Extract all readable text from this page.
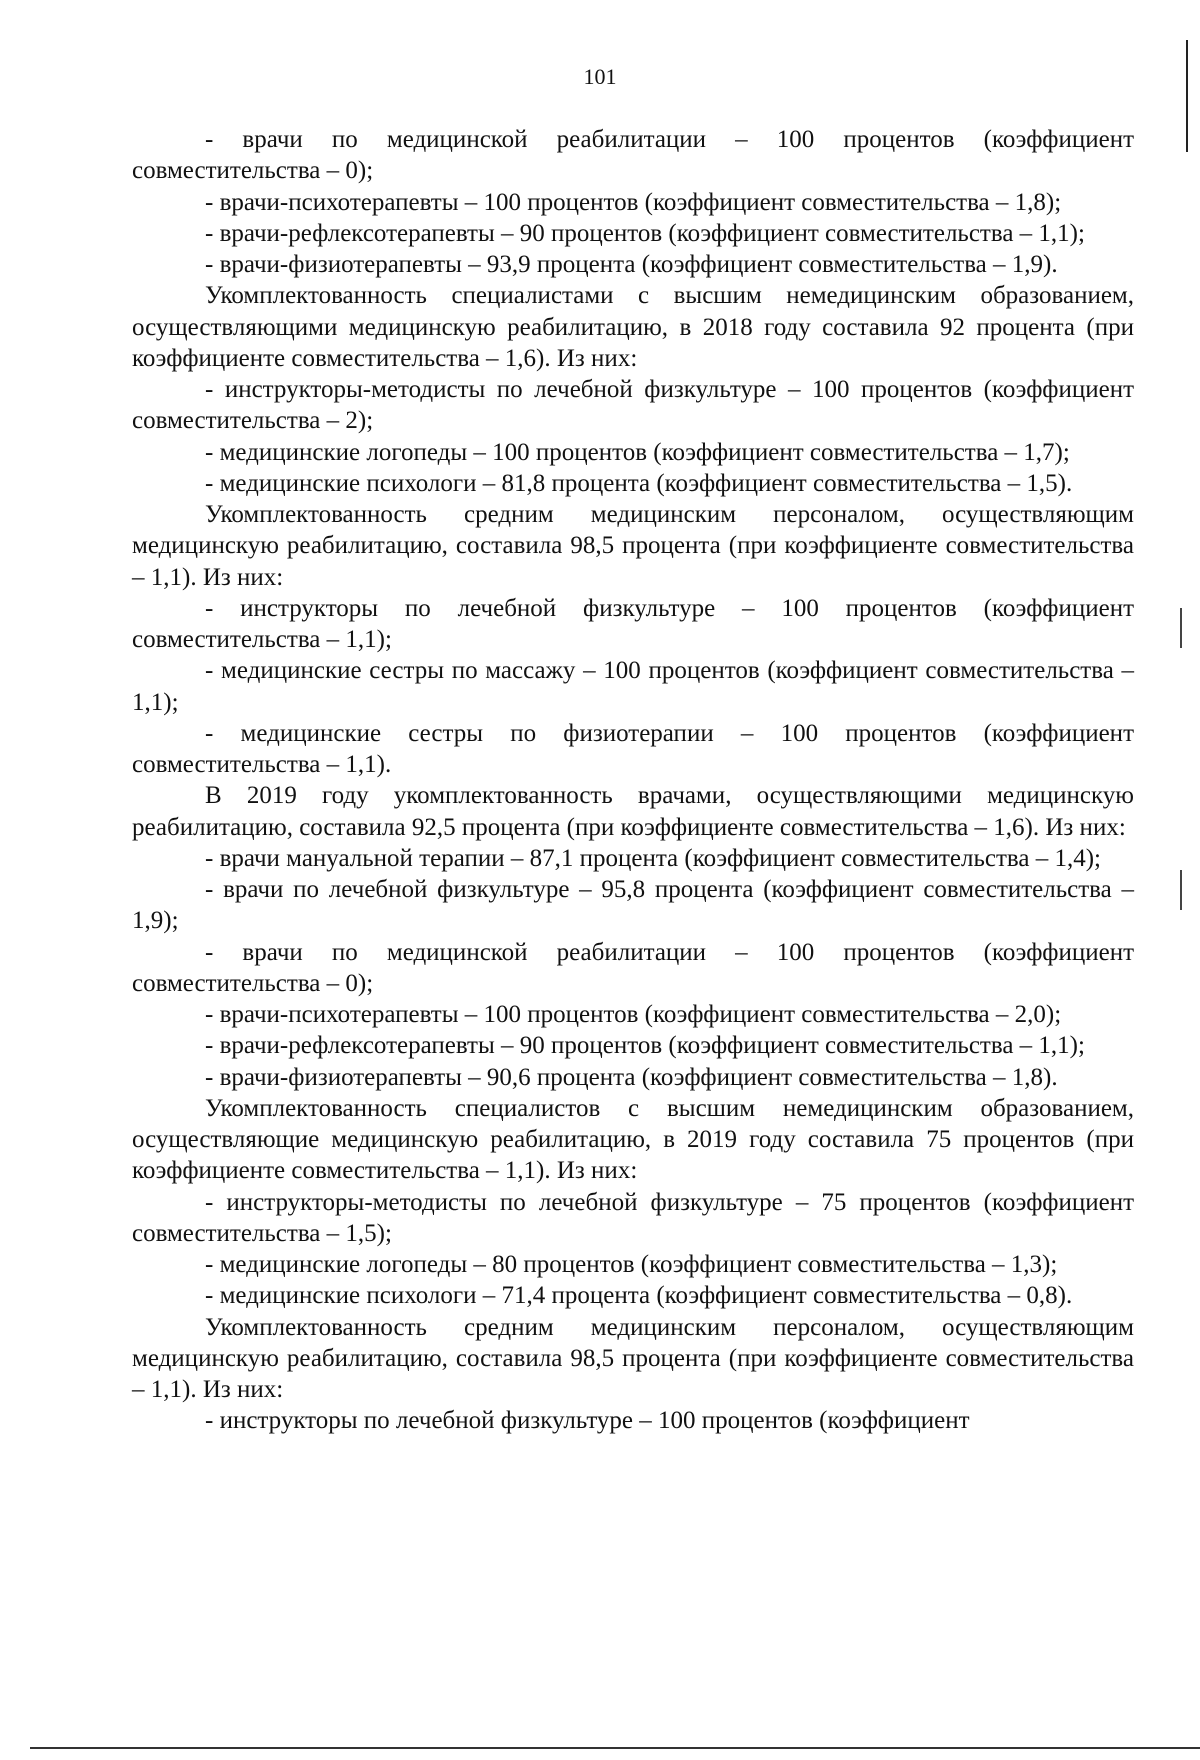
101

- врачи по медицинской реабилитации – 100 процентов (коэффициент совместительства – 0);

- врачи-психотерапевты – 100 процентов (коэффициент совместительства – 1,8);

- врачи-рефлексотерапевты – 90 процентов (коэффициент совместительства – 1,1);

- врачи-физиотерапевты – 93,9 процента (коэффициент совместительства – 1,9).

Укомплектованность специалистами с высшим немедицинским образованием, осуществляющими медицинскую реабилитацию, в 2018 году составила 92 процента (при коэффициенте совместительства – 1,6). Из них:

- инструкторы-методисты по лечебной физкультуре – 100 процентов (коэффициент совместительства – 2);

- медицинские логопеды – 100 процентов (коэффициент совместительства – 1,7);

- медицинские психологи – 81,8 процента (коэффициент совместительства – 1,5).

Укомплектованность средним медицинским персоналом, осуществляющим медицинскую реабилитацию, составила 98,5 процента (при коэффициенте совместительства – 1,1). Из них:

- инструкторы по лечебной физкультуре – 100 процентов (коэффициент совместительства – 1,1);

- медицинские сестры по массажу – 100 процентов (коэффициент совместительства – 1,1);

- медицинские сестры по физиотерапии – 100 процентов (коэффициент совместительства – 1,1).

В 2019 году укомплектованность врачами, осуществляющими медицинскую реабилитацию, составила 92,5 процента (при коэффициенте совместительства – 1,6). Из них:

- врачи мануальной терапии – 87,1 процента (коэффициент совместительства – 1,4);

- врачи по лечебной физкультуре – 95,8 процента (коэффициент совместительства – 1,9);

- врачи по медицинской реабилитации – 100 процентов (коэффициент совместительства – 0);

- врачи-психотерапевты – 100 процентов (коэффициент совместительства – 2,0);

- врачи-рефлексотерапевты – 90 процентов (коэффициент совместительства – 1,1);

- врачи-физиотерапевты – 90,6 процента (коэффициент совместительства – 1,8).

Укомплектованность специалистов с высшим немедицинским образованием, осуществляющие медицинскую реабилитацию, в 2019 году составила 75 процентов (при коэффициенте совместительства – 1,1). Из них:

- инструкторы-методисты по лечебной физкультуре – 75 процентов (коэффициент совместительства – 1,5);

- медицинские логопеды – 80 процентов (коэффициент совместительства – 1,3);

- медицинские психологи – 71,4 процента (коэффициент совместительства – 0,8).

Укомплектованность средним медицинским персоналом, осуществляющим медицинскую реабилитацию, составила 98,5 процента (при коэффициенте совместительства – 1,1). Из них:

- инструкторы по лечебной физкультуре – 100 процентов (коэффициент
